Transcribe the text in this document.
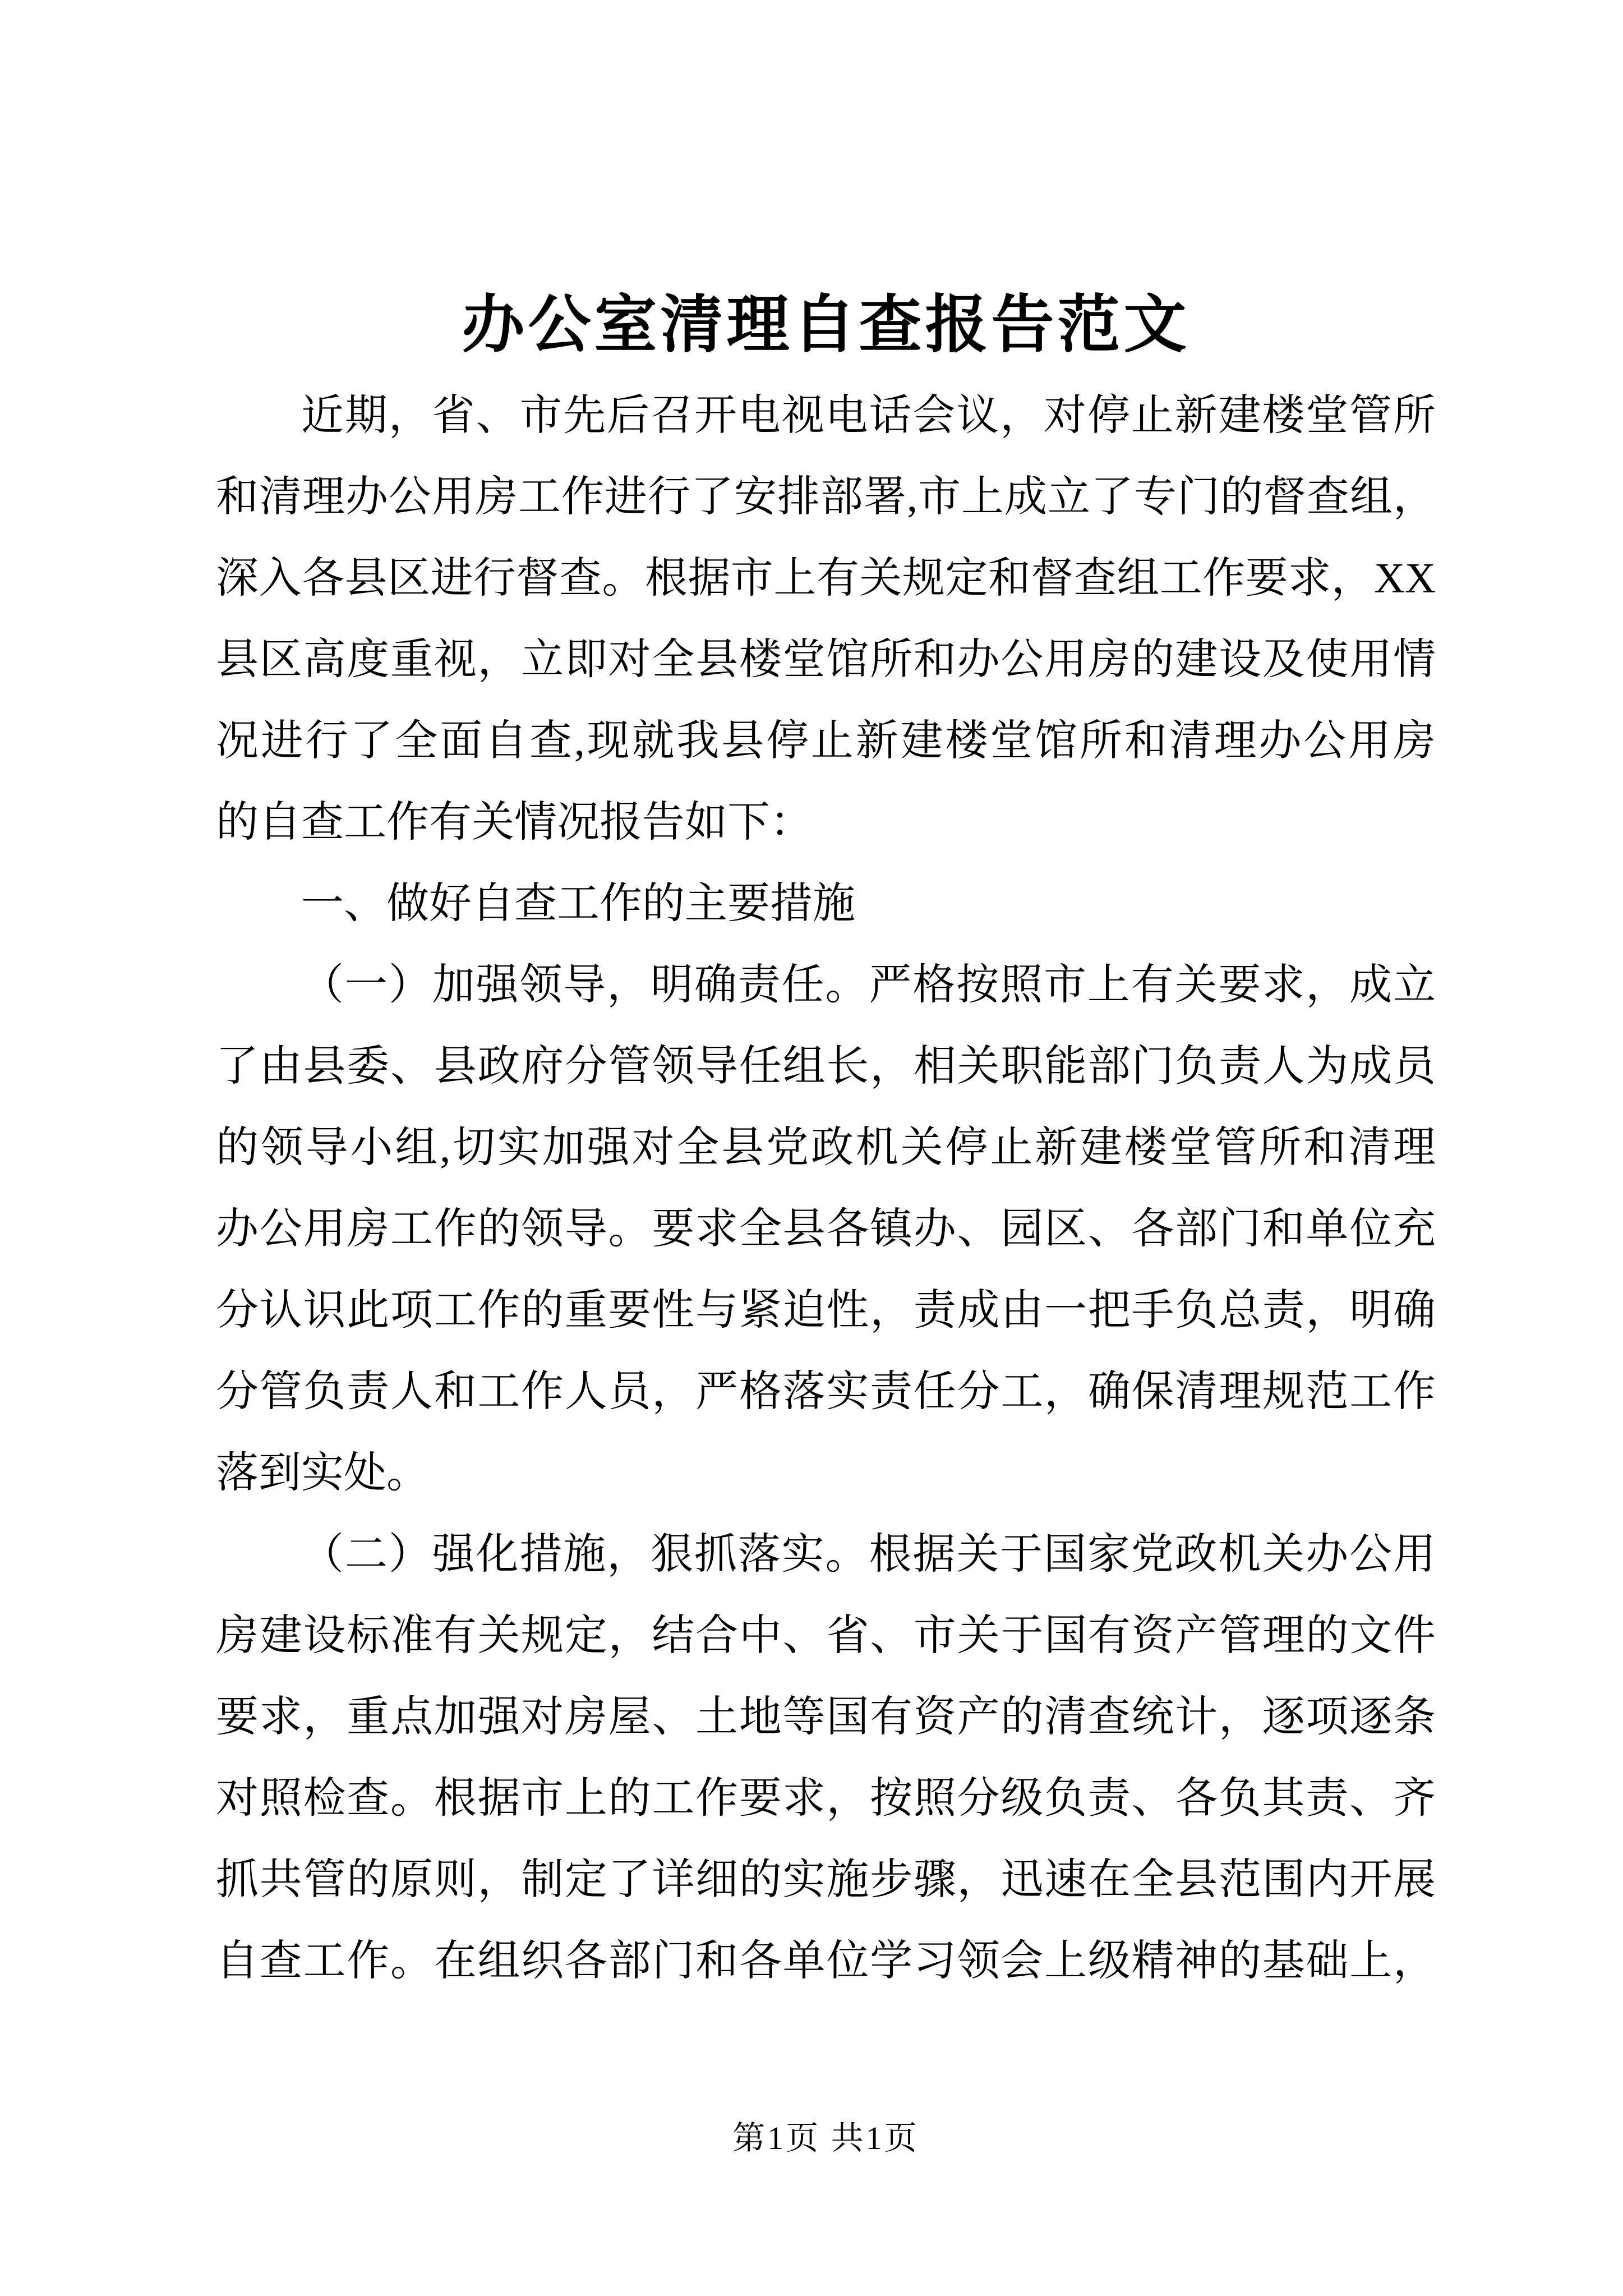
办公室清理自查报告范文
近期，省、市先后召开电视电话会议，对停止新建楼堂管所
和清理办公用房工作进行了安排部署,市上成立了专门的督查组，
深入各县区进行督查。根据市上有关规定和督查组工作要求，XX
县区高度重视，立即对全县楼堂馆所和办公用房的建设及使用情
况进行了全面自查,现就我县停止新建楼堂馆所和清理办公用房
的自查工作有关情况报告如下：
一、做好自查工作的主要措施
（一）加强领导，明确责任。严格按照市上有关要求，成立
了由县委、县政府分管领导任组长，相关职能部门负责人为成员
的领导小组,切实加强对全县党政机关停止新建楼堂管所和清理
办公用房工作的领导。要求全县各镇办、园区、各部门和单位充
分认识此项工作的重要性与紧迫性，责成由一把手负总责，明确
分管负责人和工作人员，严格落实责任分工，确保清理规范工作
落到实处。
（二）强化措施，狠抓落实。根据关于国家党政机关办公用
房建设标准有关规定，结合中、省、市关于国有资产管理的文件
要求，重点加强对房屋、土地等国有资产的清查统计，逐项逐条
对照检查。根据市上的工作要求，按照分级负责、各负其责、齐
抓共管的原则，制定了详细的实施步骤，迅速在全县范围内开展
自查工作。在组织各部门和各单位学习领会上级精神的基础上，
第1页 共1页
